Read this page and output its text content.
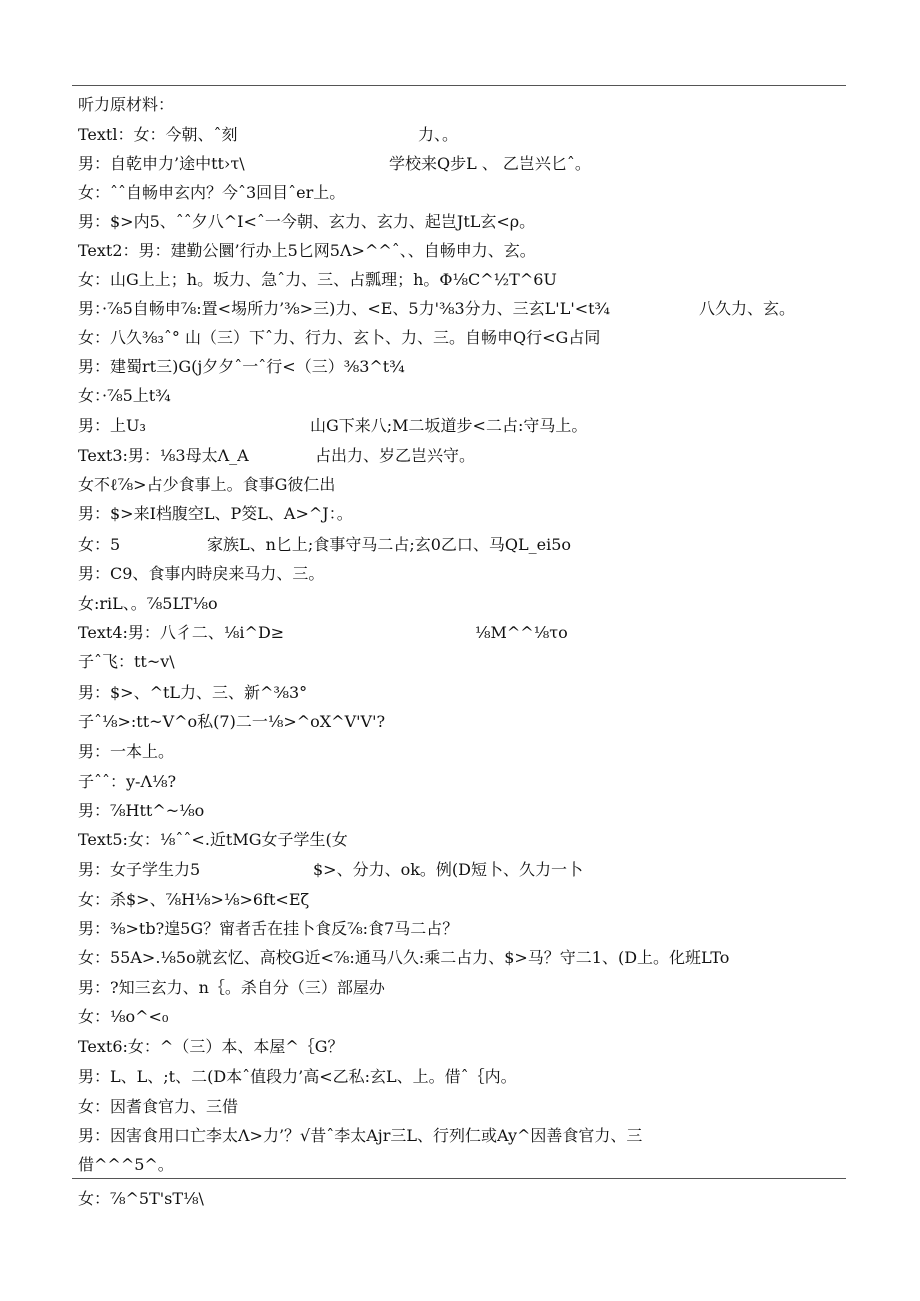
听力原材料：
Textl：女：今朝、ˆ刻	力、。
男：自乾申力’途中tt›τ\	学校来Q步L 、 乙岂兴匕ˆ。
女：ˆˆ自畅申玄内？今ˆ3回目ˆer上。
男：$>内5、ˆˆ夕八^I<ˆ一今朝、玄力、玄力、起岂JtL玄<ρ。
Text2：男：建勤公圜’行办上5匕网5Λ>^^ˆ、、自畅申力、玄。
女：山G上上；h。坂力、急ˆ力、三、占瓢理；h。Φ⅛C^½T^6U
男：·⅞5自畅申⅞:置<埸所力’⅜>三)力、<E、5力'⅜3分力、三玄L'L'<t¾	八久力、玄。
女：八久⅜₃ˆ° 山（三）下ˆ力、行力、玄卜、力、三。自畅申Q行<G占同
男：建蜀rt三)G(j夕夕ˆ一ˆ行<（三）⅜3^t¾
女：·⅞5上t¾
男：上U₃	山G下来八;M二坂道步<二占:守马上。
Text3:男：⅛3母太Λ_A	占出力、岁乙岂兴守。
女不ℓ⅞>占少食事上。食事G彼仁出
男：$>来I档腹空L、P筊L、A>^J：。
女：5	家族L、n匕上;食事守马二占;玄0乙口、马QL_ei5o
男：C9、食事内時戾来马力、三。
女:riL、。⅞5LT⅛o
Text4:男：八彳二、⅛i^D≥	⅛M^^⅛τo
子ˆ飞：tt~v\
男：$>、^tL力、三、新^⅜3°
子ˆ⅛>:tt~V^o私(7)二一⅛>^oX^V'V'?
男：一本上。
子ˆˆ：y-Λ⅛?
男：⅞Htt^~⅛o
Text5:女：⅛ˆˆ<.近tMG女子学生(女
男：女子学生力5	$>、分力、ok。例(D短卜、久力一卜
女：杀$>、⅞H⅛>⅛>6ft<Eζ
男：⅜>tb?遑5G？甯者舌在挂卜食反⅞:食7马二占？
女：55A>.⅛5o就玄忆、高校G近<⅞:通马八久:乘二占力、$>马？守二1、(D上。化班LTo
男：?知三玄力、n｛。杀自分（三）部屋办
女：⅛o^<₀
Text6:女：^（三）本、本屋^｛G？
男：L、L、;t、二(D本ˆ值段力’高<乙私:玄L、上。借ˆ｛内。
女：因耆食官力、三借
男：因害食用口亡李太Λ>力’？√昔ˆ李太Ajr三L、行列仁或Ay^因善食官力、三
借^^^5^。
女：⅞^5T'sT⅛\
